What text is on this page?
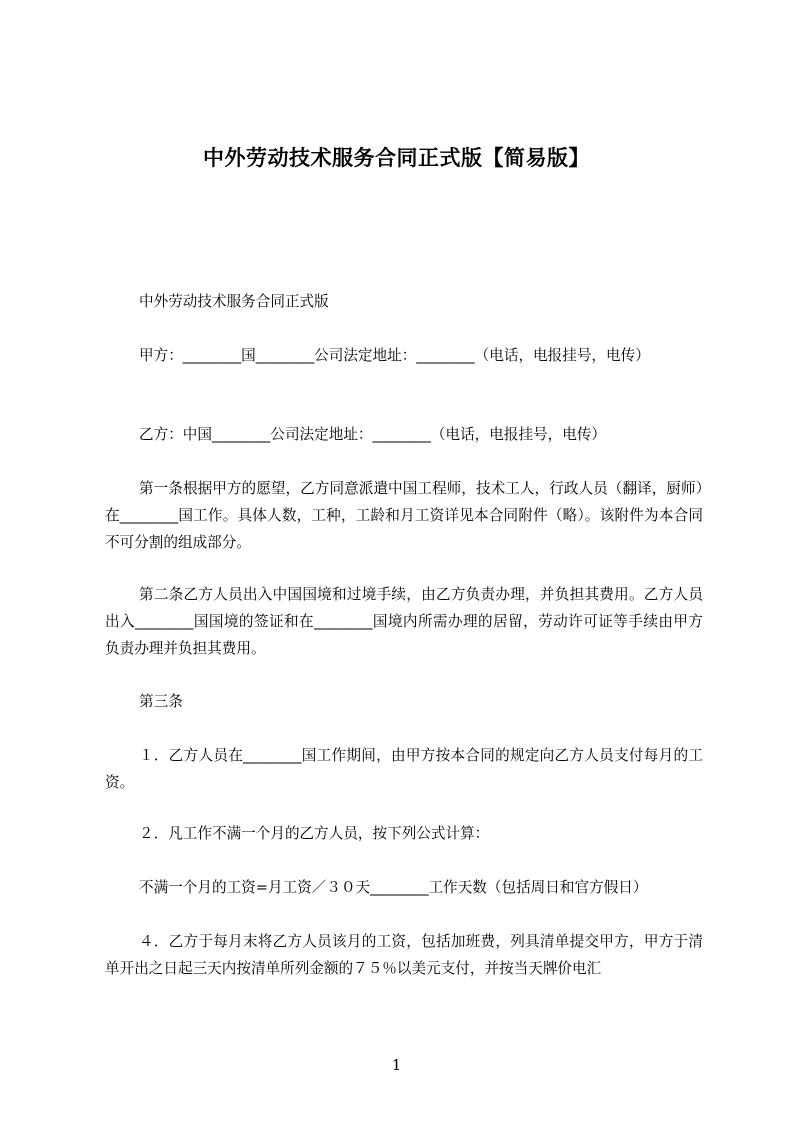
中外劳动技术服务合同正式版【简易版】

中外劳动技术服务合同正式版

甲方：________国________公司法定地址：________（电话，电报挂号，电传）

乙方：中国________公司法定地址：________（电话，电报挂号，电传）

第一条根据甲方的愿望，乙方同意派遣中国工程师，技术工人，行政人员（翻译，厨师）在________国工作。具体人数，工种，工龄和月工资详见本合同附件（略）。该附件为本合同不可分割的组成部分。

第二条乙方人员出入中国国境和过境手续，由乙方负责办理，并负担其费用。乙方人员出入________国国境的签证和在________国境内所需办理的居留，劳动许可证等手续由甲方负责办理并负担其费用。

第三条

１．乙方人员在________国工作期间，由甲方按本合同的规定向乙方人员支付每月的工资。

２．凡工作不满一个月的乙方人员，按下列公式计算：

不满一个月的工资=月工资／３０天________工作天数（包括周日和官方假日）

４．乙方于每月末将乙方人员该月的工资，包括加班费，列具清单提交甲方，甲方于清单开出之日起三天内按清单所列金额的７５％以美元支付，并按当天牌价电汇

1
